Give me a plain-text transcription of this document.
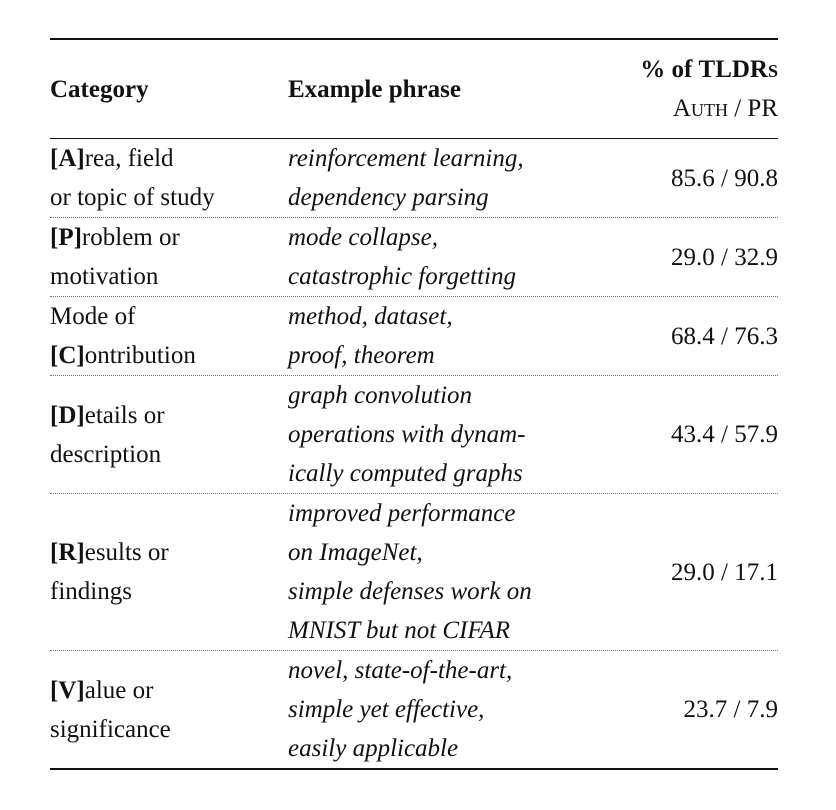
Category	Example phrase
% of TLDRs
Auth / PR
[A]rea, field
or topic of study
reinforcement learning,
dependency parsing
85.6 / 90.8
[P]roblem or
motivation
mode collapse,
catastrophic forgetting
29.0 / 32.9
Mode of
[C]ontribution
method, dataset,
proof, theorem
68.4 / 76.3
[D]etails or
description
graph convolution
operations with dynam-
ically computed graphs
43.4 / 57.9
[R]esults or
findings
improved performance
on ImageNet,
simple defenses work on
MNIST but not CIFAR
29.0 / 17.1
[V]alue or
significance
novel, state-of-the-art,
simple yet effective,
easily applicable
23.7 / 7.9
